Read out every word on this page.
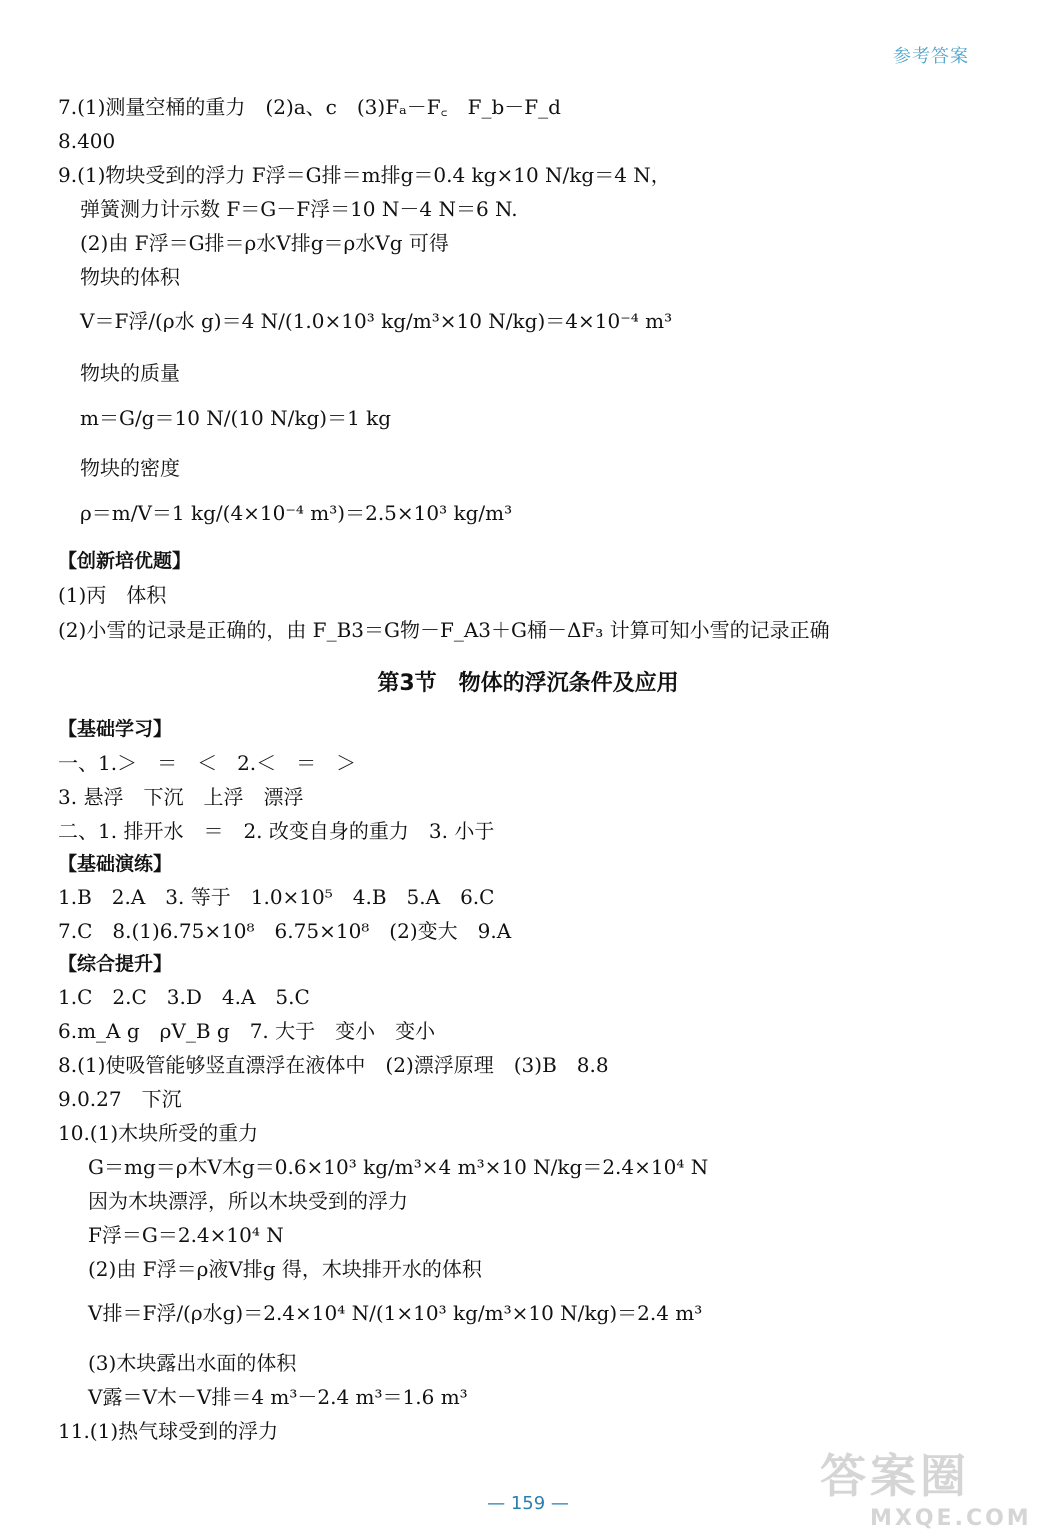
参考答案
7.(1)测量空桶的重力　(2)a、c　(3)Fₐ－F꜀　F_b－F_d
8.400
9.(1)物块受到的浮力 F浮＝G排＝m排g＝0.4 kg×10 N/kg＝4 N，
弹簧测力计示数 F＝G－F浮＝10 N－4 N＝6 N.
(2)由 F浮＝G排＝ρ水V排g＝ρ水Vg 可得
物块的体积
V＝F浮/(ρ水 g)＝4 N/(1.0×10³ kg/m³×10 N/kg)＝4×10⁻⁴ m³
物块的质量
m＝G/g＝10 N/(10 N/kg)＝1 kg
物块的密度
ρ＝m/V＝1 kg/(4×10⁻⁴ m³)＝2.5×10³ kg/m³
【创新培优题】
(1)丙　体积
(2)小雪的记录是正确的，由 F_B3＝G物－F_A3＋G桶－ΔF₃ 计算可知小雪的记录正确
第3节　物体的浮沉条件及应用
【基础学习】
一、1.＞　＝　＜　2.＜　＝　＞
3. 悬浮　下沉　上浮　漂浮
二、1. 排开水　＝　2. 改变自身的重力　3. 小于
【基础演练】
1.B　2.A　3. 等于　1.0×10⁵　4.B　5.A　6.C
7.C　8.(1)6.75×10⁸　6.75×10⁸　(2)变大　9.A
【综合提升】
1.C　2.C　3.D　4.A　5.C
6.m_A g　ρV_B g　7. 大于　变小　变小
8.(1)使吸管能够竖直漂浮在液体中　(2)漂浮原理　(3)B　8.8
9.0.27　下沉
10.(1)木块所受的重力
G＝mg＝ρ木V木g＝0.6×10³ kg/m³×4 m³×10 N/kg＝2.4×10⁴ N
因为木块漂浮，所以木块受到的浮力
F浮＝G＝2.4×10⁴ N
(2)由 F浮＝ρ液V排g 得，木块排开水的体积
V排＝F浮/(ρ水g)＝2.4×10⁴ N/(1×10³ kg/m³×10 N/kg)＝2.4 m³
(3)木块露出水面的体积
V露＝V木－V排＝4 m³－2.4 m³＝1.6 m³
11.(1)热气球受到的浮力
— 159 —
答案圈
MXQE.COM
